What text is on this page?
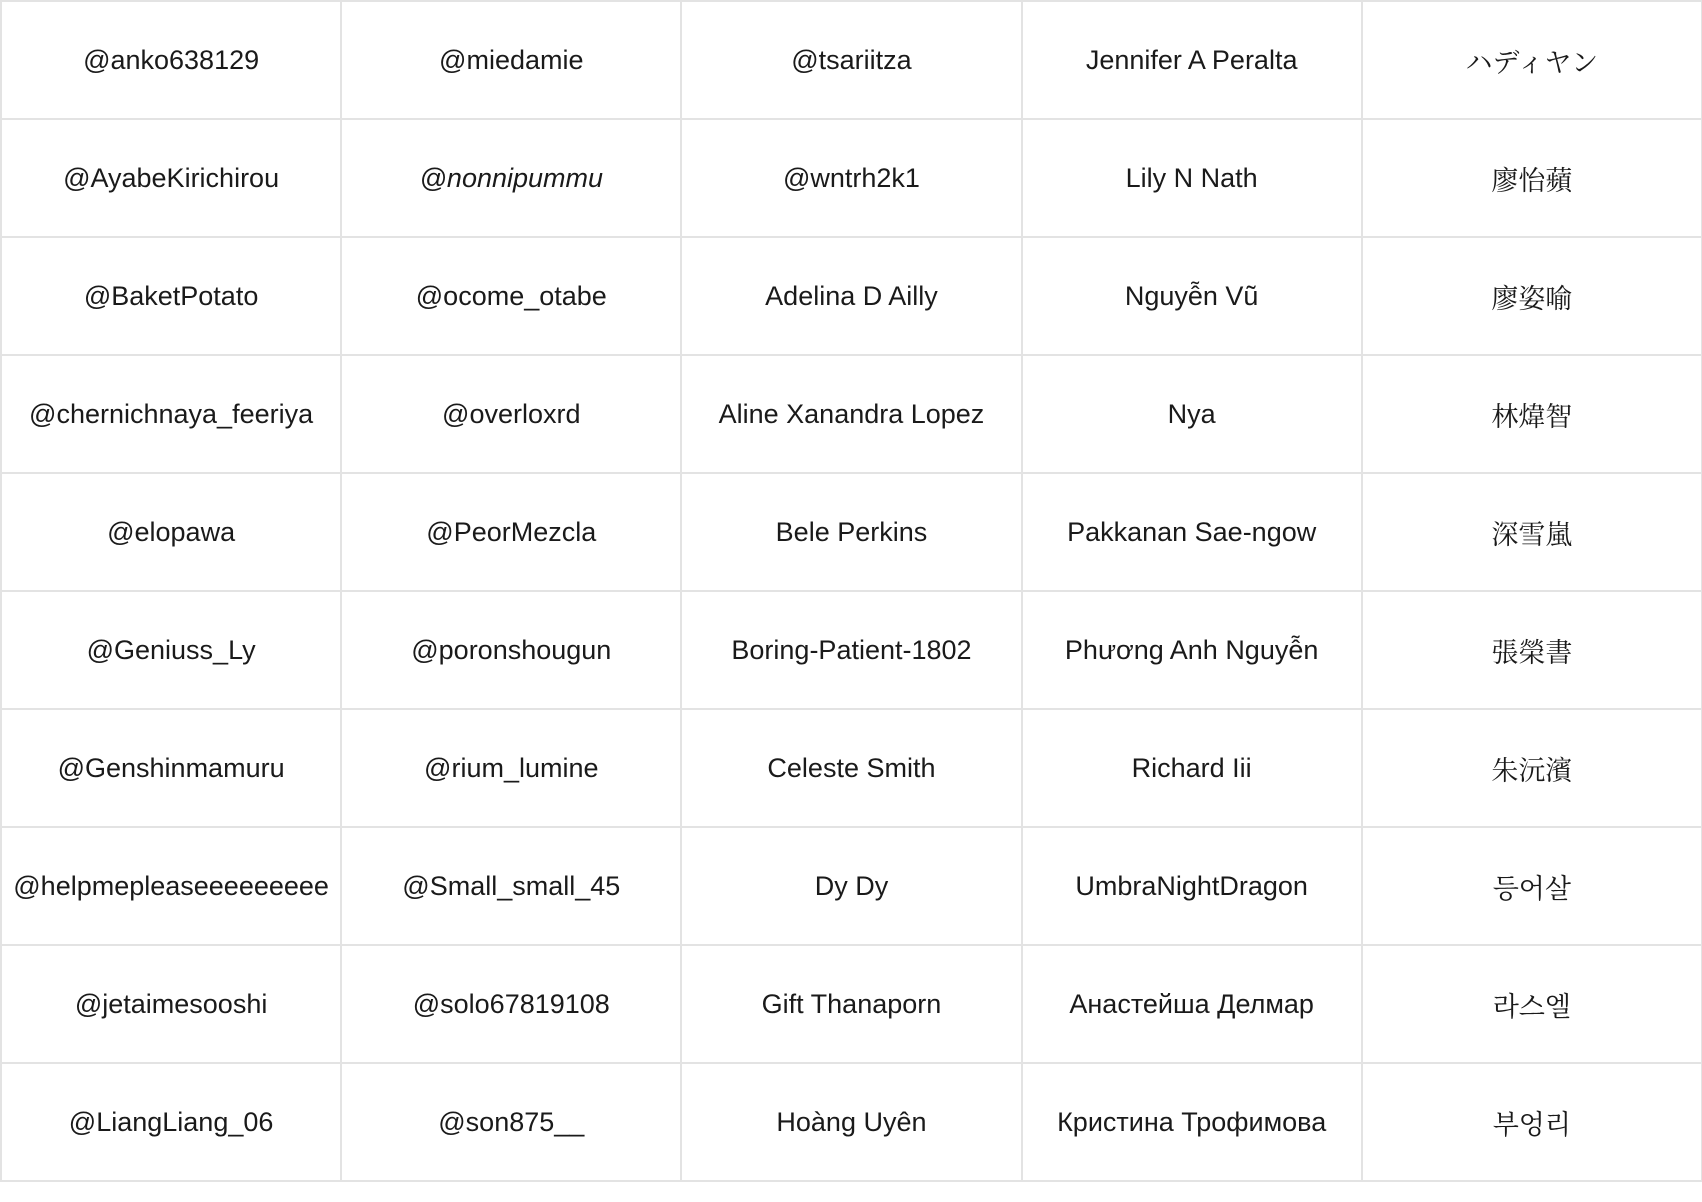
@anko638129	@miedamie	@tsariitza	Jennifer A Peralta	ハディヤン
@AyabeKirichirou	@nonnipummu	@wntrh2k1	Lily N Nath	廖怡蘋
@BaketPotato	@ocome_otabe	Adelina D Ailly	Nguyễn Vũ	廖姿喻
@chernichnaya_feeriya	@overloxrd	Aline Xanandra Lopez	Nya	林煒智
@elopawa	@PeorMezcla	Bele Perkins	Pakkanan Sae-ngow	深雪嵐
@Geniuss_Ly	@poronshougun	Boring-Patient-1802	Phương Anh Nguyễn	張榮書
@Genshinmamuru	@rium_lumine	Celeste Smith	Richard Iii	朱沅濱
@helpmepleaseeeeeeeee	@Small_small_45	Dy Dy	UmbraNightDragon	등어살
@jetaimesooshi	@solo67819108	Gift Thanaporn	Анастейша Делмар	라스엘
@LiangLiang_06	@son875__	Hoàng Uyên	Кристина Трофимова	부엉리
